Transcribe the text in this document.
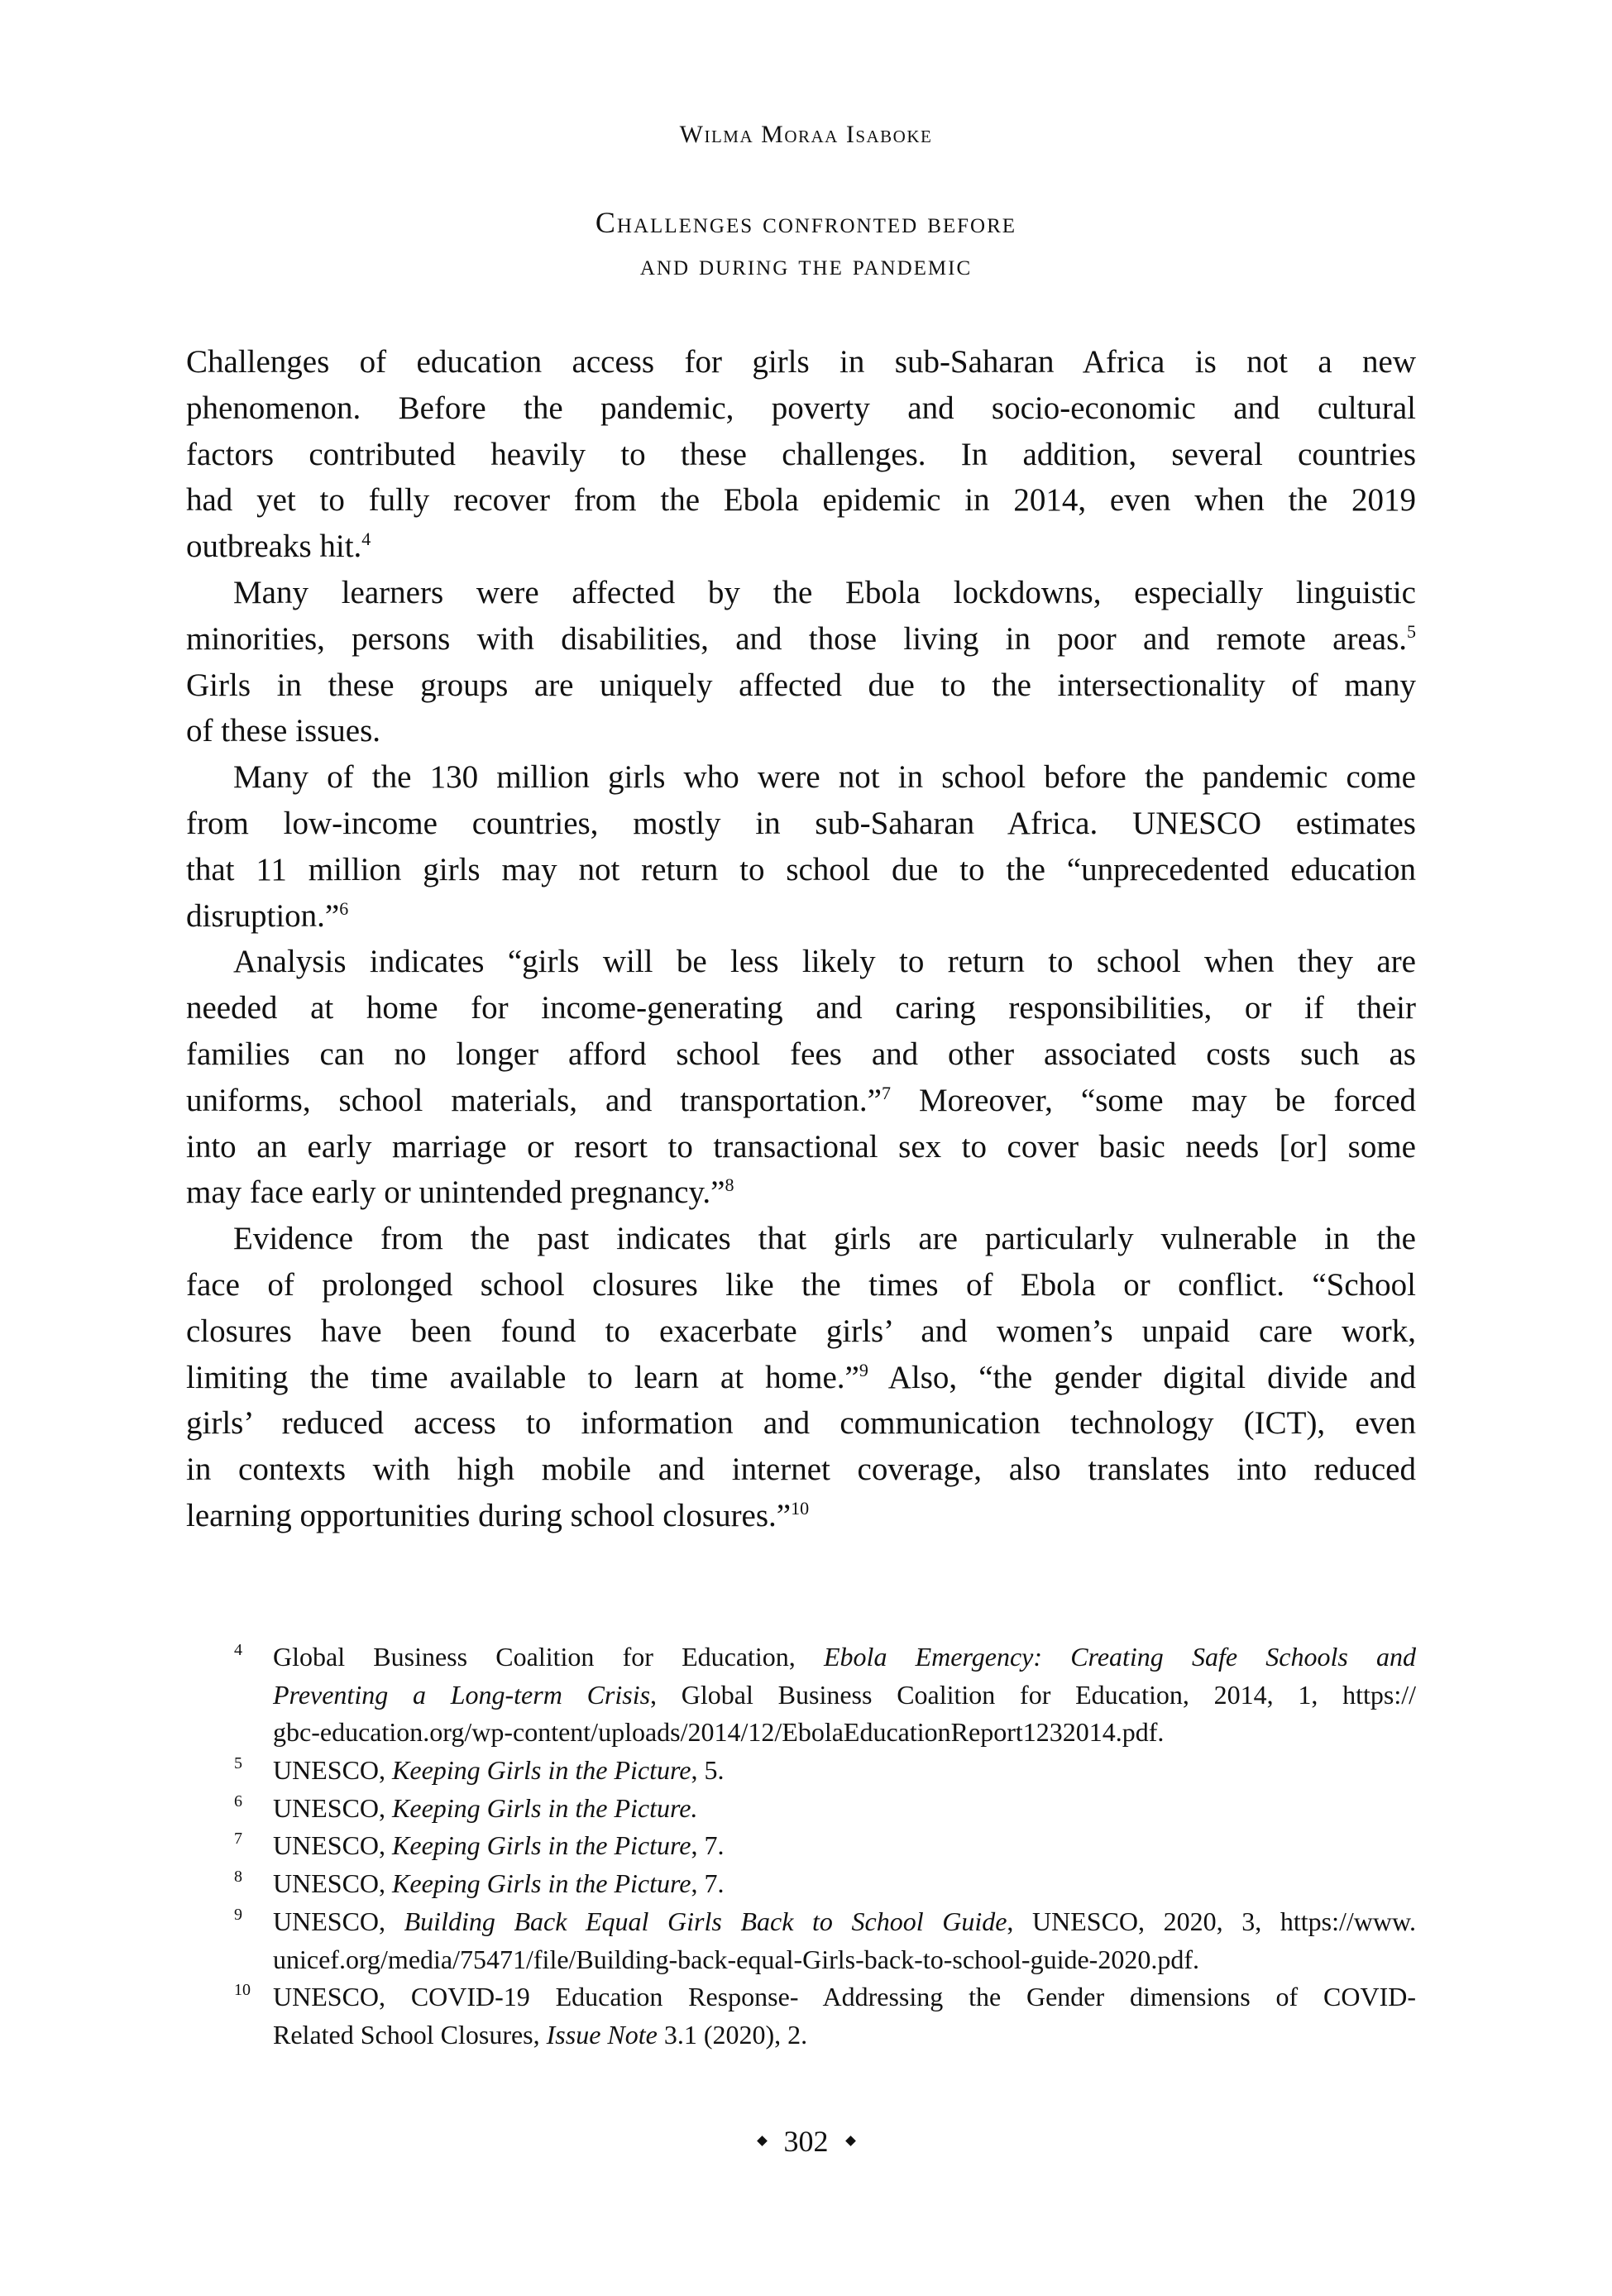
Wilma Moraa Isaboke
Challenges confronted before
and during the pandemic
Challenges of education access for girls in sub-Saharan Africa is not a new
phenomenon. Before the pandemic, poverty and socio-economic and cultural
factors contributed heavily to these challenges. In addition, several countries
had yet to fully recover from the Ebola epidemic in 2014, even when the 2019
outbreaks hit.$^4$
Many learners were affected by the Ebola lockdowns, especially linguistic
minorities, persons with disabilities, and those living in poor and remote areas.$^5$
Girls in these groups are uniquely affected due to the intersectionality of many
of these issues.
Many of the 130 million girls who were not in school before the pandemic come
from low-income countries, mostly in sub-Saharan Africa. UNESCO estimates
that 11 million girls may not return to school due to the “unprecedented education
disruption.”$^6$
Analysis indicates “girls will be less likely to return to school when they are
needed at home for income-generating and caring responsibilities, or if their
families can no longer afford school fees and other associated costs such as
uniforms, school materials, and transportation.”$^7$ Moreover, “some may be forced
into an early marriage or resort to transactional sex to cover basic needs [or] some
may face early or unintended pregnancy.”$^8$
Evidence from the past indicates that girls are particularly vulnerable in the
face of prolonged school closures like the times of Ebola or conflict. “School
closures have been found to exacerbate girls’ and women’s unpaid care work,
limiting the time available to learn at home.”$^9$ Also, “the gender digital divide and
girls’ reduced access to information and communication technology (ICT), even
in contexts with high mobile and internet coverage, also translates into reduced
learning opportunities during school closures.”$^{10}$
4 Global Business Coalition for Education, Ebola Emergency: Creating Safe Schools and
Preventing a Long-term Crisis, Global Business Coalition for Education, 2014, 1, https://
gbc-education.org/wp-content/uploads/2014/12/EbolaEducationReport1232014.pdf.
5 UNESCO, Keeping Girls in the Picture, 5.
6 UNESCO, Keeping Girls in the Picture.
7 UNESCO, Keeping Girls in the Picture, 7.
8 UNESCO, Keeping Girls in the Picture, 7.
9 UNESCO, Building Back Equal Girls Back to School Guide, UNESCO, 2020, 3, https://www.
unicef.org/media/75471/file/Building-back-equal-Girls-back-to-school-guide-2020.pdf.
10 UNESCO, COVID-19 Education Response- Addressing the Gender dimensions of COVID-
Related School Closures, Issue Note 3.1 (2020), 2.
302
